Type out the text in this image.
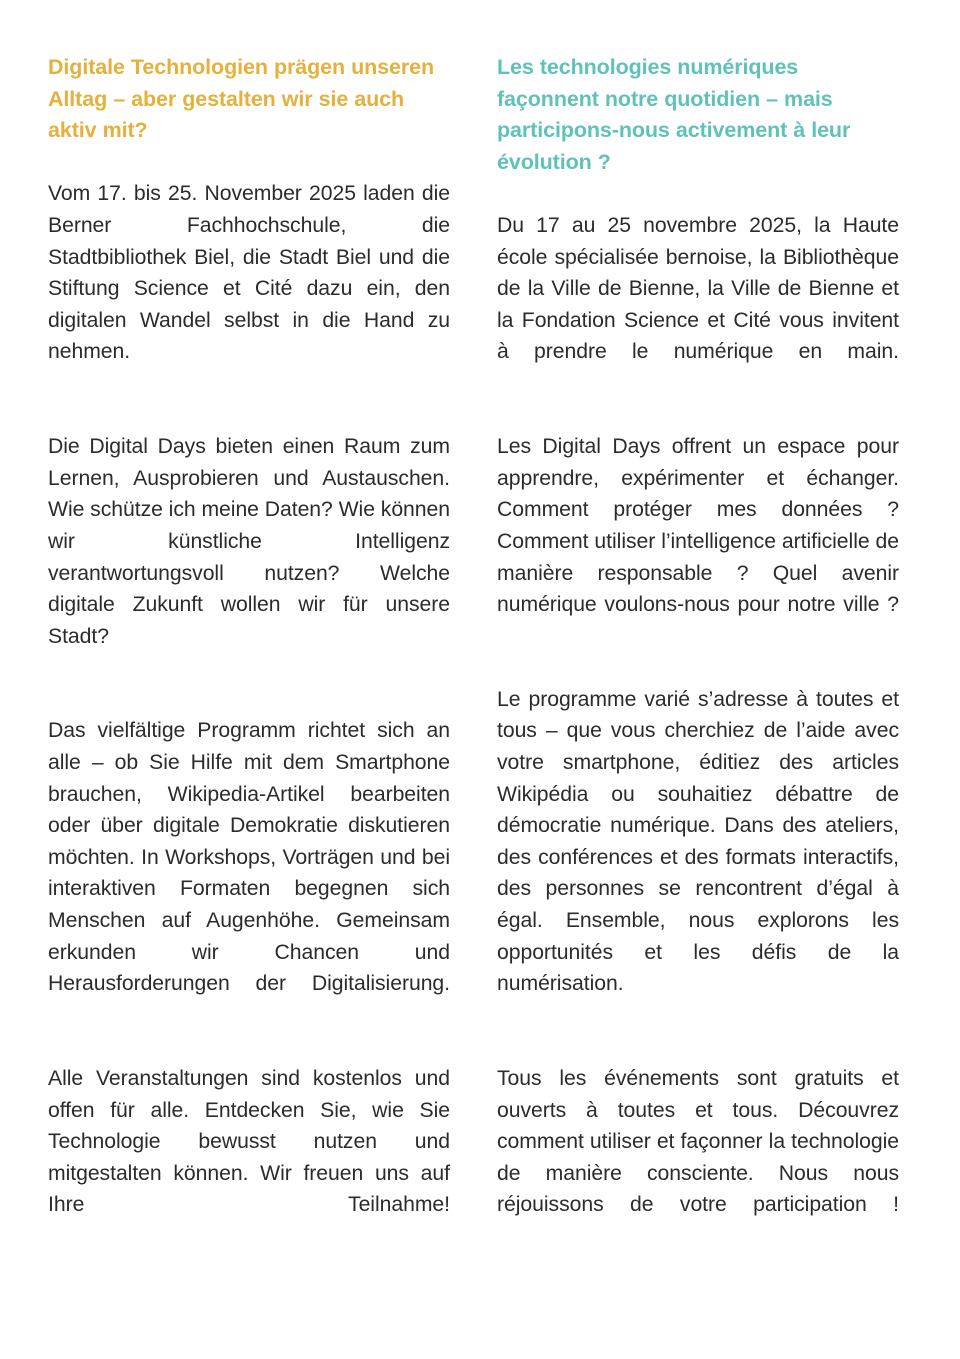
Digitale Technologien prägen unseren Alltag – aber gestalten wir sie auch aktiv mit?

Vom 17. bis 25. November 2025 laden die Berner Fachhochschule, die Stadtbibliothek Biel, die Stadt Biel und die Stiftung Science et Cité dazu ein, den digitalen Wandel selbst in die Hand zu nehmen.

Die Digital Days bieten einen Raum zum Lernen, Ausprobieren und Austauschen. Wie schütze ich meine Daten? Wie können wir künstliche Intelligenz verantwortungsvoll nutzen? Welche digitale Zukunft wollen wir für unsere Stadt?

Das vielfältige Programm richtet sich an alle – ob Sie Hilfe mit dem Smartphone brauchen, Wikipedia-Artikel bearbeiten oder über digitale Demokratie diskutieren möchten. In Workshops, Vorträgen und bei interaktiven Formaten begegnen sich Menschen auf Augenhöhe. Gemeinsam erkunden wir Chancen und Herausforderungen der Digitalisierung.

Alle Veranstaltungen sind kostenlos und offen für alle. Entdecken Sie, wie Sie Technologie bewusst nutzen und mitgestalten können. Wir freuen uns auf Ihre Teilnahme!

Les technologies numériques façonnent notre quotidien – mais participons-nous activement à leur évolution ?

Du 17 au 25 novembre 2025, la Haute école spécialisée bernoise, la Bibliothèque de la Ville de Bienne, la Ville de Bienne et la Fondation Science et Cité vous invitent à prendre le numérique en main.

Les Digital Days offrent un espace pour apprendre, expérimenter et échanger. Comment protéger mes données ? Comment utiliser l’intelligence artificielle de manière responsable ? Quel avenir numérique voulons-nous pour notre ville ?

Le programme varié s’adresse à toutes et tous – que vous cherchiez de l’aide avec votre smartphone, éditiez des articles Wikipédia ou souhaitiez débattre de démocratie numérique. Dans des ateliers, des conférences et des formats interactifs, des personnes se rencontrent d’égal à égal. Ensemble, nous explorons les opportunités et les défis de la numérisation.

Tous les événements sont gratuits et ouverts à toutes et tous. Découvrez comment utiliser et façonner la technologie de manière consciente. Nous nous réjouissons de votre participation !
